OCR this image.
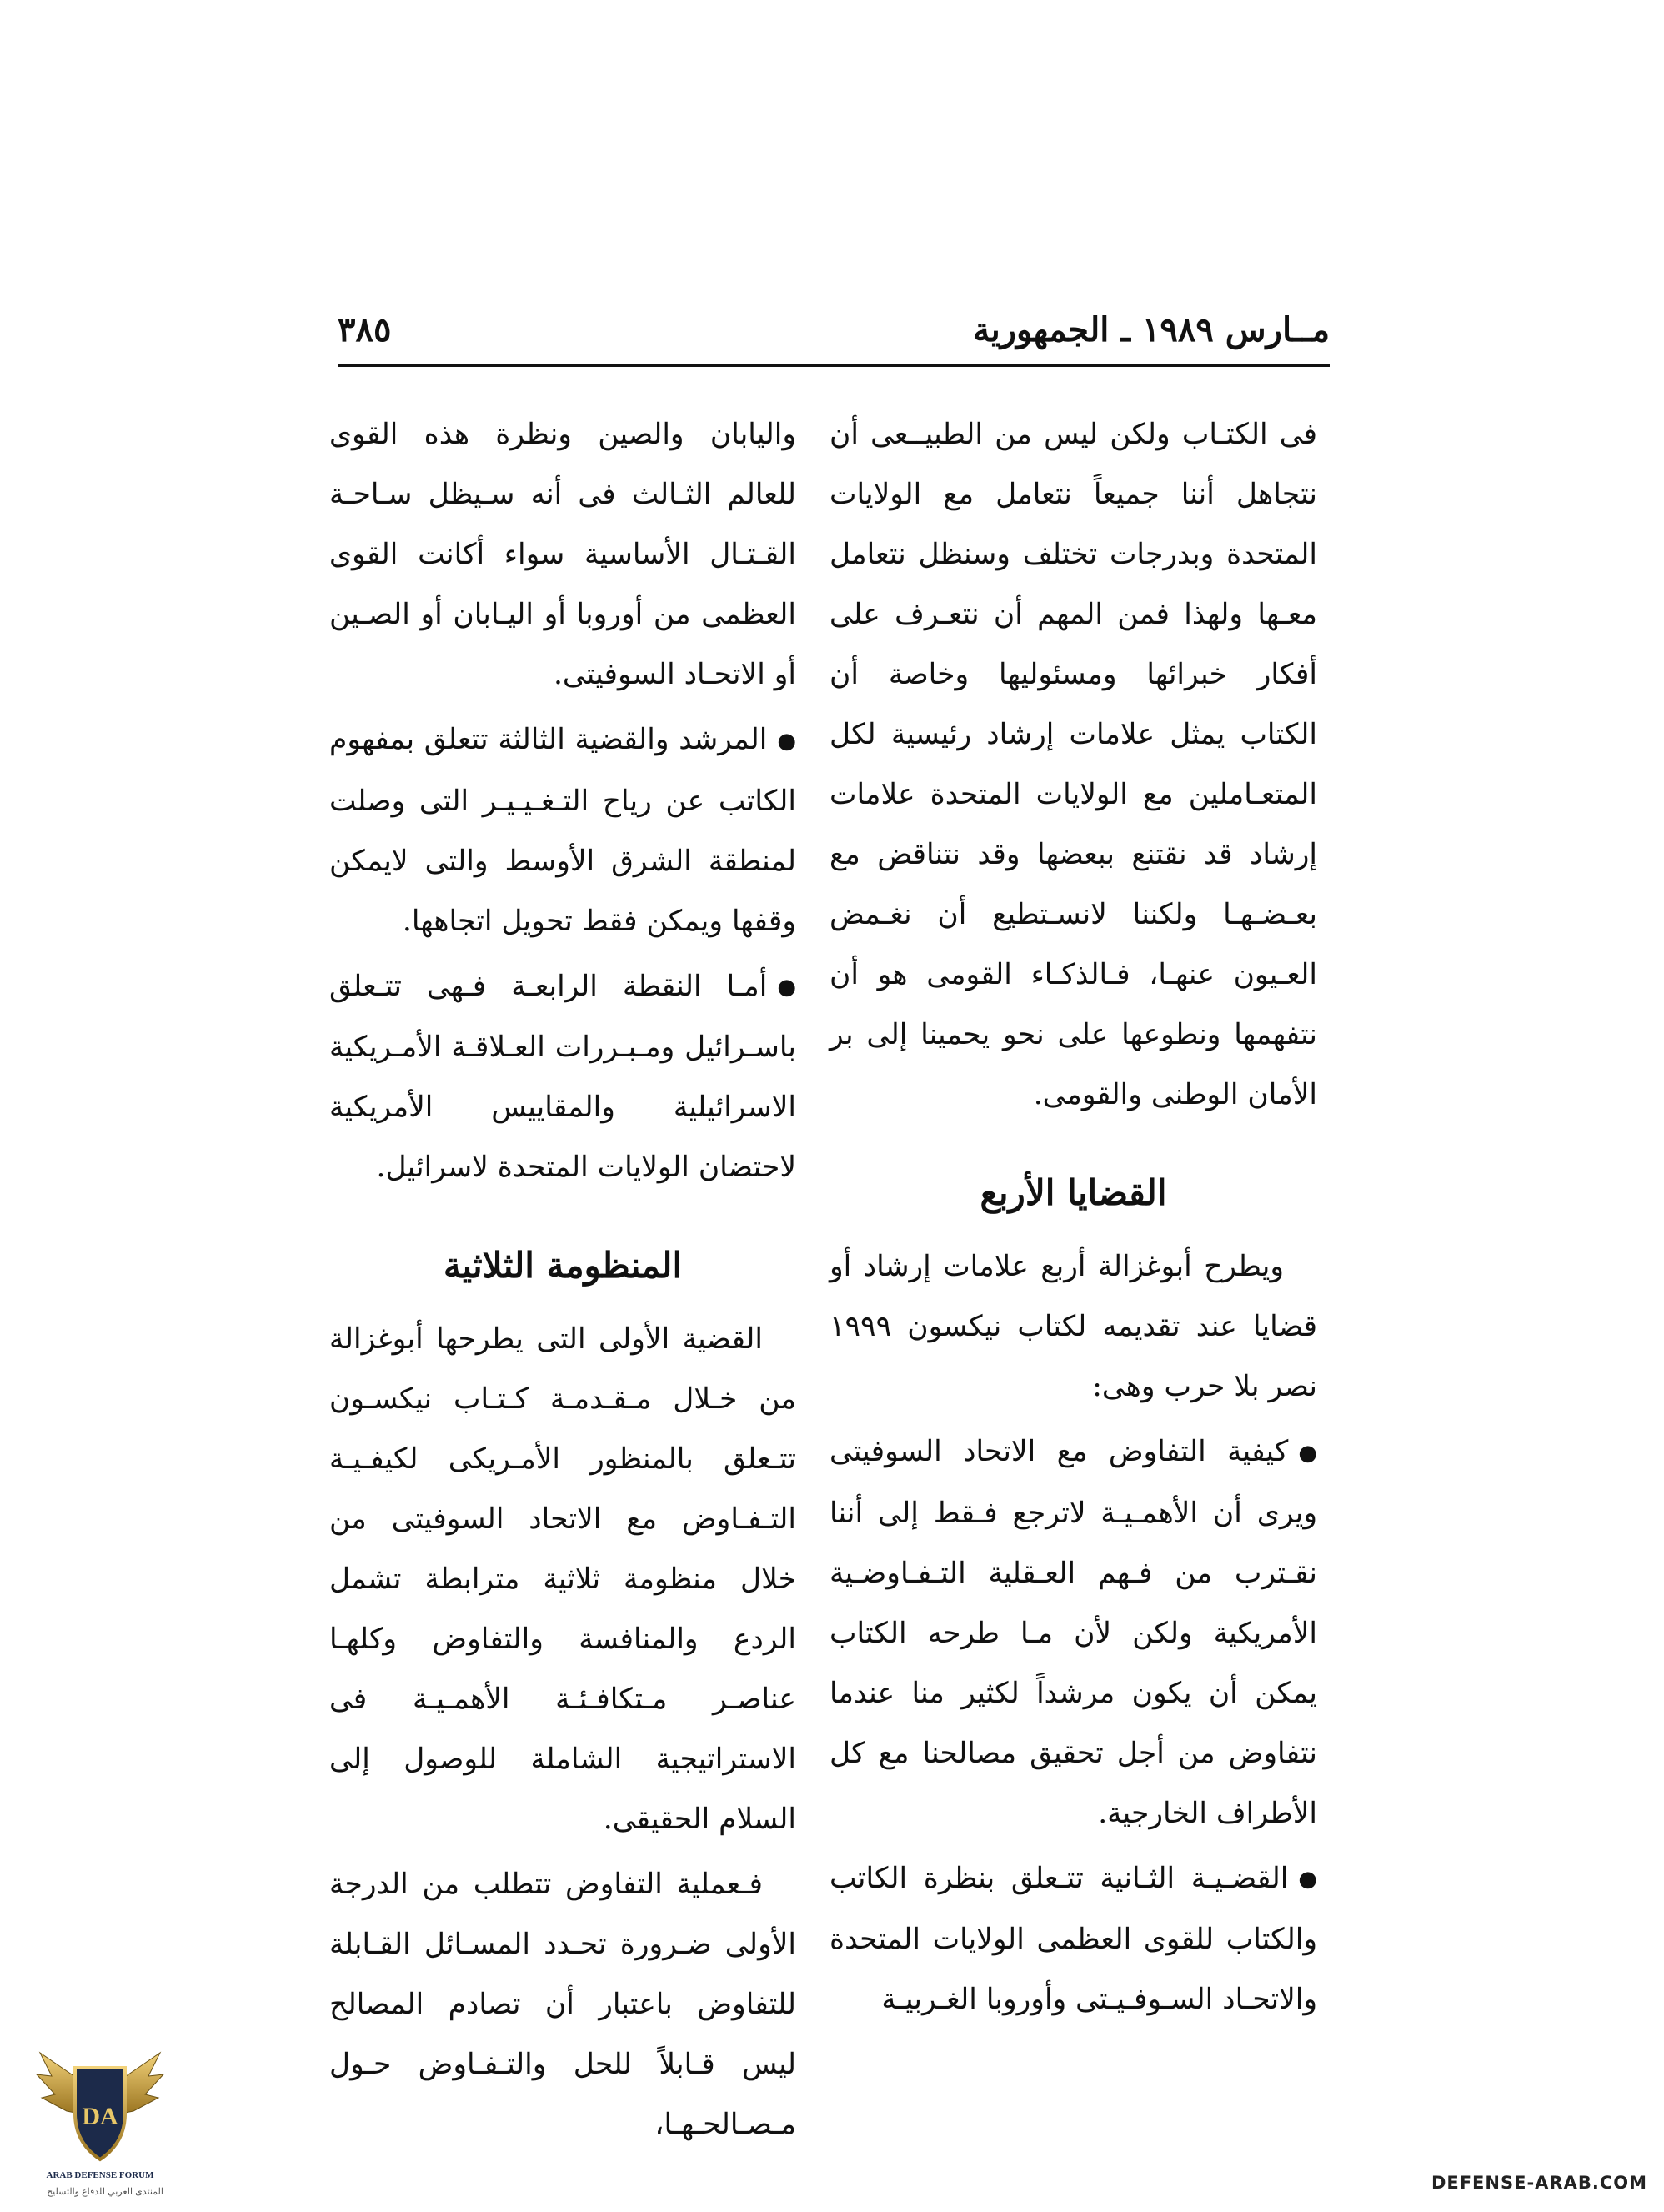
مــارس ١٩٨٩ ـ الجمهورية
٣٨٥

فى الكتـاب ولكن ليس من الطبيــعى أن نتجاهل أننا جميعاً نتعامل مع الولايات المتحدة وبدرجات تختلف وسنظل نتعامل معـها ولهذا فمن المهم أن نتعـرف على أفكار خبرائها ومسئوليها وخاصة أن الكتاب يمثل علامات إرشاد رئيسية لكل المتعـاملين مع الولايات المتحدة علامات إرشاد قد نقتنع ببعضها وقد نتناقض مع بعـضـهـا ولكننا لانسـتطيع أن نغـمض العـيون عنهـا، فـالذكـاء القومى هو أن نتفهمها ونطوعها على نحو يحمينا إلى بر الأمان الوطنى والقومى.

القضايا الأربع

ويطرح أبوغزالة أربع علامات إرشاد أو قضايا عند تقديمه لكتاب نيكسون ١٩٩٩ نصر بلا حرب وهى:

●كيفية التفاوض مع الاتحاد السوفيتى ويرى أن الأهمـيـة لاترجع فـقط إلى أننا نقـترب من فـهم العـقلية التـفـاوضـية الأمريكية ولكن لأن مـا طرحه الكتاب يمكن أن يكون مرشداً لكثير منا عندما نتفاوض من أجل تحقيق مصالحنا مع كل الأطراف الخارجية.

●القضـيـة الثـانية تتـعلق بنظرة الكاتب والكتاب للقوى العظمى الولايات المتحدة والاتحـاد السـوفـيـتى وأوروبا الغـربيـة

واليابان والصين ونظرة هذه القوى للعالم الثـالث فى أنه سـيظل سـاحـة القـتـال الأساسية سواء أكانت القوى العظمى من أوروبا أو اليـابان أو الصـين أو الاتحـاد السوفيتى.

●المرشد والقضية الثالثة تتعلق بمفهوم الكاتب عن رياح التـغـيـيـر التى وصلت لمنطقة الشرق الأوسط والتى لايمكن وقفها ويمكن فقط تحويل اتجاهها.

●أمـا النقطة الرابعـة فـهى تتـعلق باسـرائيل ومـبـررات العـلاقـة الأمـريكية الاسرائيلية والمقاييس الأمريكية لاحتضان الولايات المتحدة لاسرائيل.

المنظومة الثلاثية

القضية الأولى التى يطرحها أبوغزالة من خـلال مـقـدمـة كـتـاب نيكسـون تتـعلق بالمنظور الأمـريكى لكيفـيـة التـفـاوض مع الاتحاد السوفيتى من خلال منظومة ثلاثية مترابطة تشمل الردع والمنافسة والتفاوض وكلهـا عناصـر مـتكافـئـة الأهمـيـة فى الاستراتيجية الشاملة للوصول إلى السلام الحقيقى.

فـعملية التفاوض تتطلب من الدرجة الأولى ضـرورة تحـدد المسـائل القـابلة للتفاوض باعتبار أن تصادم المصالح ليس قـابلاً للحل والتـفـاوض حـول مـصـالحـهـا،

DA
ARAB DEFENSE FORUM
المنتدى العربي للدفاع والتسليح	DEFENSE-ARAB.COM
